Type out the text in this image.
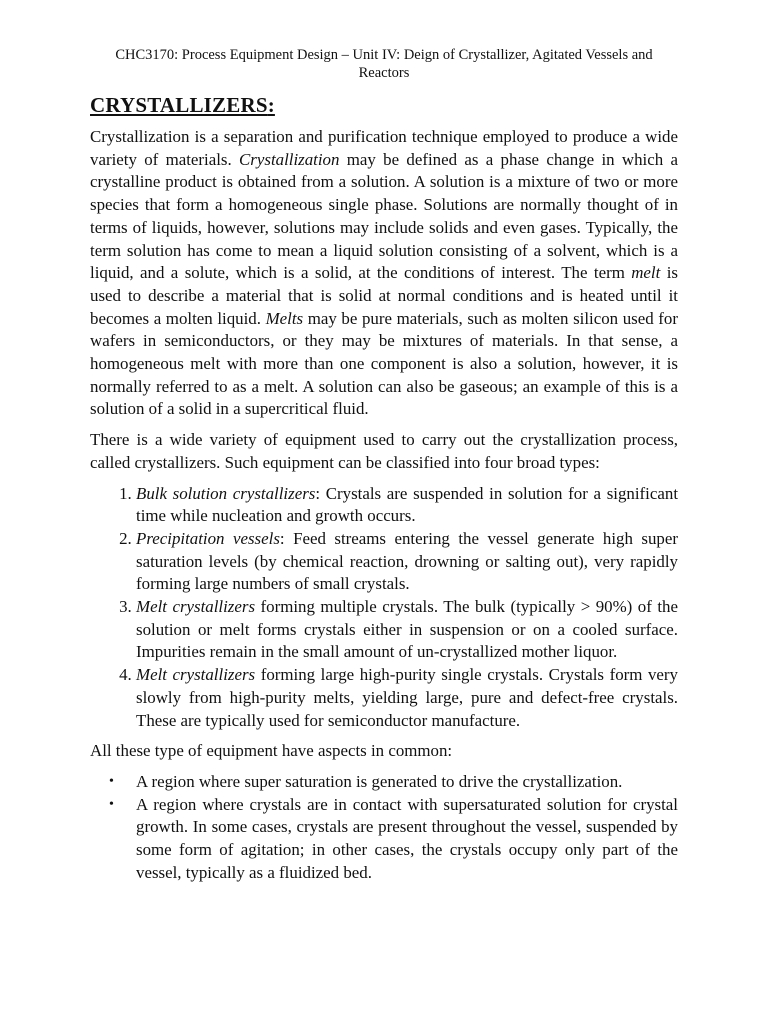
CHC3170: Process Equipment Design – Unit IV: Deign of Crystallizer, Agitated Vessels and
Reactors
CRYSTALLIZERS:

Crystallization is a separation and purification technique employed to produce a wide variety of materials. Crystallization may be defined as a phase change in which a crystalline product is obtained from a solution. A solution is a mixture of two or more species that form a homogeneous single phase. Solutions are normally thought of in terms of liquids, however, solutions may include solids and even gases. Typically, the term solution has come to mean a liquid solution consisting of a solvent, which is a liquid, and a solute, which is a solid, at the conditions of interest. The term melt is used to describe a material that is solid at normal conditions and is heated until it becomes a molten liquid. Melts may be pure materials, such as molten silicon used for wafers in semiconductors, or they may be mixtures of materials. In that sense, a homogeneous melt with more than one component is also a solution, however, it is normally referred to as a melt. A solution can also be gaseous; an example of this is a solution of a solid in a supercritical fluid.

There is a wide variety of equipment used to carry out the crystallization process, called crystallizers. Such equipment can be classified into four broad types:

1. Bulk solution crystallizers: Crystals are suspended in solution for a significant time while nucleation and growth occurs.
2. Precipitation vessels: Feed streams entering the vessel generate high super saturation levels (by chemical reaction, drowning or salting out), very rapidly forming large numbers of small crystals.
3. Melt crystallizers forming multiple crystals. The bulk (typically > 90%) of the solution or melt forms crystals either in suspension or on a cooled surface. Impurities remain in the small amount of un-crystallized mother liquor.
4. Melt crystallizers forming large high-purity single crystals. Crystals form very slowly from high-purity melts, yielding large, pure and defect-free crystals. These are typically used for semiconductor manufacture.

All these type of equipment have aspects in common:

• A region where super saturation is generated to drive the crystallization.
• A region where crystals are in contact with supersaturated solution for crystal growth. In some cases, crystals are present throughout the vessel, suspended by some form of agitation; in other cases, the crystals occupy only part of the vessel, typically as a fluidized bed.
